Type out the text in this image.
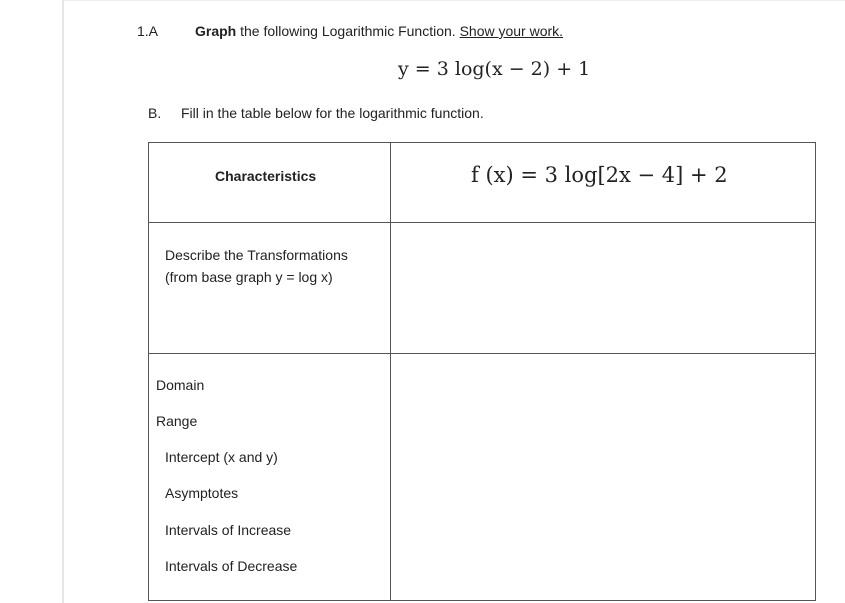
1.A	Graph the following Logarithmic Function. Show your work.
y = 3 log(x − 2) + 1
B. Fill in the table below for the logarithmic function.
Characteristics	f (x) = 3 log[2x − 4] + 2
Describe the Transformations
(from base graph y = log x)
Domain
Range
Intercept (x and y)
Asymptotes
Intervals of Increase
Intervals of Decrease
